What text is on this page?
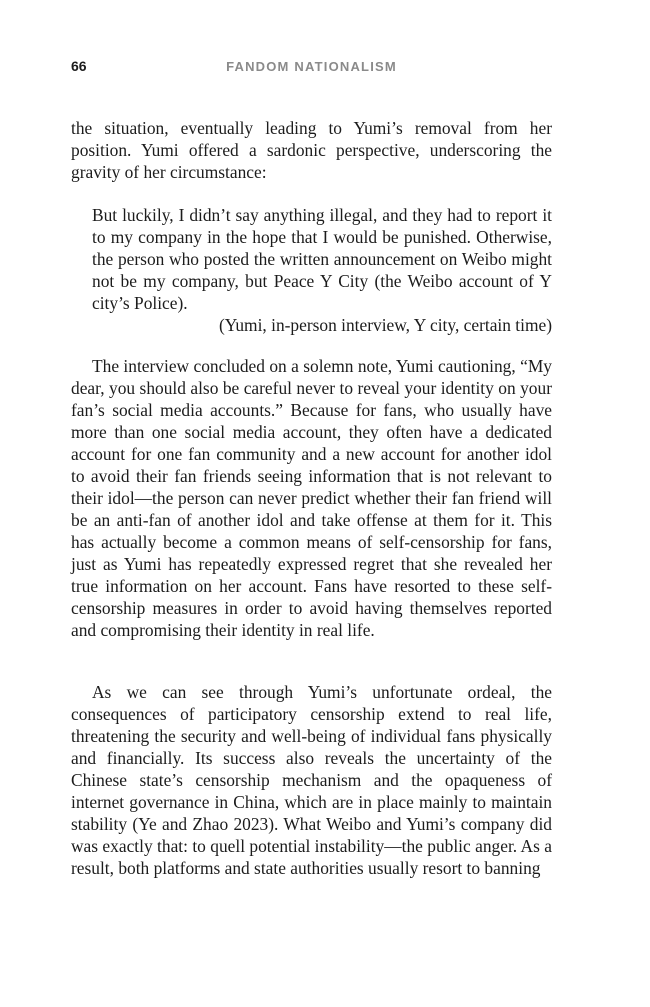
66	FANDOM NATIONALISM

the situation, eventually leading to Yumi’s removal from her position. Yumi offered a sardonic perspective, underscoring the gravity of her circumstance:

But luckily, I didn’t say anything illegal, and they had to report it to my company in the hope that I would be punished. Otherwise, the person who posted the written announcement on Weibo might not be my company, but Peace Y City (the Weibo account of Y city’s Police).

(Yumi, in-person interview, Y city, certain time)

The interview concluded on a solemn note, Yumi cautioning, “My dear, you should also be careful never to reveal your identity on your fan’s social media accounts.” Because for fans, who usually have more than one social media account, they often have a dedicated account for one fan community and a new account for another idol to avoid their fan friends seeing information that is not relevant to their idol—the person can never predict whether their fan friend will be an anti-fan of another idol and take offense at them for it. This has actually become a common means of self-censorship for fans, just as Yumi has repeatedly expressed regret that she revealed her true information on her account. Fans have resorted to these self-censorship measures in order to avoid having themselves reported and compromising their identity in real life.

As we can see through Yumi’s unfortunate ordeal, the consequences of participatory censorship extend to real life, threatening the security and well-being of individual fans physically and financially. Its success also reveals the uncertainty of the Chinese state’s censorship mechanism and the opaqueness of internet governance in China, which are in place mainly to maintain stability (Ye and Zhao 2023). What Weibo and Yumi’s company did was exactly that: to quell potential instability—the public anger. As a result, both platforms and state authorities usually resort to banning
